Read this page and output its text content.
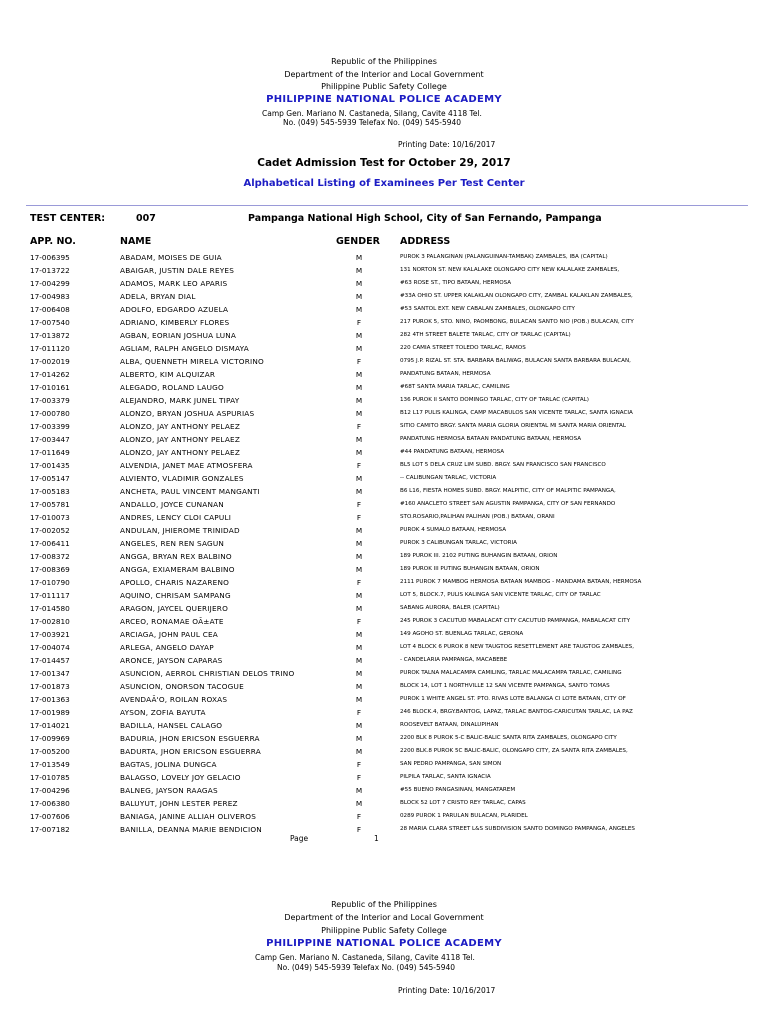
Republic of the Philippines
Department of the Interior and Local Government
Philippine Public Safety College
PHILIPPINE NATIONAL POLICE ACADEMY
Camp Gen. Mariano N. Castaneda, Silang, Cavite 4118 Tel.
No. (049) 545-5939 Telefax No. (049) 545-5940
Printing Date: 10/16/2017
Cadet Admission Test for October 29, 2017
Alphabetical Listing of Examinees Per Test Center
TEST CENTER:	007	Pampanga National High School, City of San Fernando, Pampanga
APP. NO.	NAME	GENDER ADDRESS
17-006395	ABADAM, MOISES DE GUIA	M	PUROK 3 PALANGINAN (PALANGUINAN-TAMBAK) ZAMBALES, IBA (CAPITAL)
17-013722	ABAIGAR, JUSTIN DALE REYES	M	131 NORTON ST. NEW KALALAKE OLONGAPO CITY NEW KALALAKE ZAMBALES,
17-004299	ADAMOS, MARK LEO APARIS	M	#63 ROSE ST., TIPO BATAAN, HERMOSA
17-004983	ADELA, BRYAN DIAL	M	#33A OHIO ST. UPPER KALAKLAN OLONGAPO CITY, ZAMBAL KALAKLAN ZAMBALES,
17-006408	ADOLFO, EDGARDO AZUELA	M	#53 SANTOL EXT. NEW CABALAN ZAMBALES, OLONGAPO CITY
17-007540	ADRIANO, KIMBERLY FLORES	F	217 PUROK 5, STO. NINO, PAOMBONG, BULACAN SANTO NIO (POB.) BULACAN, CITY
17-013872	AGBAN, EORIAN JOSHUA LUNA	M	282 4TH STREET BALETE TARLAC, CITY OF TARLAC (CAPITAL)
17-011120	AGLIAM, RALPH ANGELO DISMAYA	M	220 CAMIA STREET TOLEDO TARLAC, RAMOS
17-002019	ALBA, QUENNETH MIRELA VICTORINO	F	0795 J.P. RIZAL ST. STA. BARBARA BALIWAG, BULACAN SANTA BARBARA BULACAN,
17-014262	ALBERTO, KIM ALQUIZAR	M	PANDATUNG BATAAN, HERMOSA
17-010161	ALEGADO, ROLAND LAUGO	M	#68T SANTA MARIA TARLAC, CAMILING
17-003379	ALEJANDRO, MARK JUNEL TIPAY	M	136 PUROK II SANTO DOMINGO TARLAC, CITY OF TARLAC (CAPITAL)
17-000780	ALONZO, BRYAN JOSHUA ASPURIAS	M	B12 L17 PULIS KALINGA, CAMP MACABULOS SAN VICENTE TARLAC, SANTA IGNACIA
17-003399	ALONZO, JAY ANTHONY PELAEZ	F	SITIO CAMITO BRGY. SANTA MARIA GLORIA ORIENTAL MI SANTA MARIA ORIENTAL
17-003447	ALONZO, JAY ANTHONY PELAEZ	M	PANDATUNG HERMOSA BATAAN PANDATUNG BATAAN, HERMOSA
17-011649	ALONZO, JAY ANTHONY PELAEZ	M	#44 PANDATUNG BATAAN, HERMOSA
17-001435	ALVENDIA, JANET MAE ATMOSFERA	F	BL5 LOT 5 DELA CRUZ LIM SUBD. BRGY. SAN FRANCISCO SAN FRANCISCO
17-005147	ALVIENTO, VLADIMIR GONZALES	M	-- CALIBUNGAN TARLAC, VICTORIA
17-005183	ANCHETA, PAUL VINCENT MANGANTI	M	B6 L16, FIESTA HOMES SUBD. BRGY. MALPITIC, CITY OF MALPITIC PAMPANGA,
17-005781	ANDALLO, JOYCE CUNANAN	F	#160 ANACLETO STREET SAN AGUSTIN PAMPANGA, CITY OF SAN FERNANDO
17-010073	ANDRES, LENCY CLOI CAPULI	F	STO.ROSARIO,PALIHAN PALIHAN (POB.) BATAAN, ORANI
17-002052	ANDULAN, JHIEROME TRINIDAD	M	PUROK 4 SUMALO BATAAN, HERMOSA
17-006411	ANGELES, REN REN SAGUN	M	PUROK 3 CALIBUNGAN TARLAC, VICTORIA
17-008372	ANGGA, BRYAN REX BALBINO	M	189 PUROK III. 2102 PUTING BUHANGIN BATAAN, ORION
17-008369	ANGGA, EXIAMERAM BALBINO	M	189 PUROK III PUTING BUHANGIN BATAAN, ORION
17-010790	APOLLO, CHARIS NAZARENO	F	2111 PUROK 7 MAMBOG HERMOSA BATAAN MAMBOG - MANDAMA BATAAN, HERMOSA
17-011117	AQUINO, CHRISAM SAMPANG	M	LOT 5, BLOCK.7, PULIS KALINGA SAN VICENTE TARLAC, CITY OF TARLAC
17-014580	ARAGON, JAYCEL QUERIJERO	M	SABANG AURORA, BALER (CAPITAL)
17-002810	ARCEO, RONAMAE OÃ±ATE	F	245 PUROK 3 CACUTUD MABALACAT CITY CACUTUD PAMPANGA, MABALACAT CITY
17-003921	ARCIAGA, JOHN PAUL CEA	M	149 AGOHO ST. BUENLAG TARLAC, GERONA
17-004074	ARLEGA, ANGELO DAYAP	M	LOT 4 BLOCK 6 PUROK 8 NEW TAUGTOG RESETTLEMENT ARE TAUGTOG ZAMBALES,
17-014457	ARONCE, JAYSON CAPARAS	M	- CANDELARIA PAMPANGA, MACABEBE
17-001347	ASUNCION, AERROL CHRISTIAN DELOS TRINO	M	PUROK TALNA MALACAMPA CAMILING, TARLAC MALACAMPA TARLAC, CAMILING
17-001873	ASUNCION, ONORSON TACOGUE	M	BLOCK 14, LOT 1 NORTHVILLE 12 SAN VICENTE PAMPANGA, SANTO TOMAS
17-001363	AVENDAÃ'O, ROILAN ROXAS	M	PUROK 1 WHITE ANGEL ST. PTO. RIVAS LOTE BALANGA CI LOTE BATAAN, CITY OF
17-001989	AYSON, ZOFIA BAYUTA	F	246 BLOCK.4, BRGY.BANTOG, LAPAZ, TARLAC BANTOG-CARICUTAN TARLAC, LA PAZ
17-014021	BADILLA, HANSEL CALAGO	M	ROOSEVELT BATAAN, DINALUPIHAN
17-009969	BADURIA, JHON ERICSON ESGUERRA	M	2200 BLK 8 PUROK 5-C BALIC-BALIC SANTA RITA ZAMBALES, OLONGAPO CITY
17-005200	BADURTA, JHON ERICSON ESGUERRA	M	2200 BLK.8 PUROK 5C BALIC-BALIC, OLONGAPO CITY, ZA SANTA RITA ZAMBALES,
17-013549	BAGTAS, JOLINA DUNGCA	F	SAN PEDRO PAMPANGA, SAN SIMON
17-010785	BALAGSO, LOVELY JOY GELACIO	F	PILPILA TARLAC, SANTA IGNACIA
17-004296	BALNEG, JAYSON RAAGAS	M	#55 BUENO PANGASINAN, MANGATAREM
17-006380	BALUYUT, JOHN LESTER PEREZ	M	BLOCK 52 LOT 7 CRISTO REY TARLAC, CAPAS
17-007606	BANIAGA, JANINE ALLIAH OLIVEROS	F	0289 PUROK 1 PARULAN BULACAN, PLARIDEL
17-007182	BANILLA, DEANNA MARIE BENDICION	F	28 MARIA CLARA STREET L&S SUBDIVISION SANTO DOMINGO PAMPANGA, ANGELES
Page	1
Republic of the Philippines
Department of the Interior and Local Government
Philippine Public Safety College
PHILIPPINE NATIONAL POLICE ACADEMY
Camp Gen. Mariano N. Castaneda, Silang, Cavite 4118 Tel.
No. (049) 545-5939 Telefax No. (049) 545-5940
Printing Date: 10/16/2017
